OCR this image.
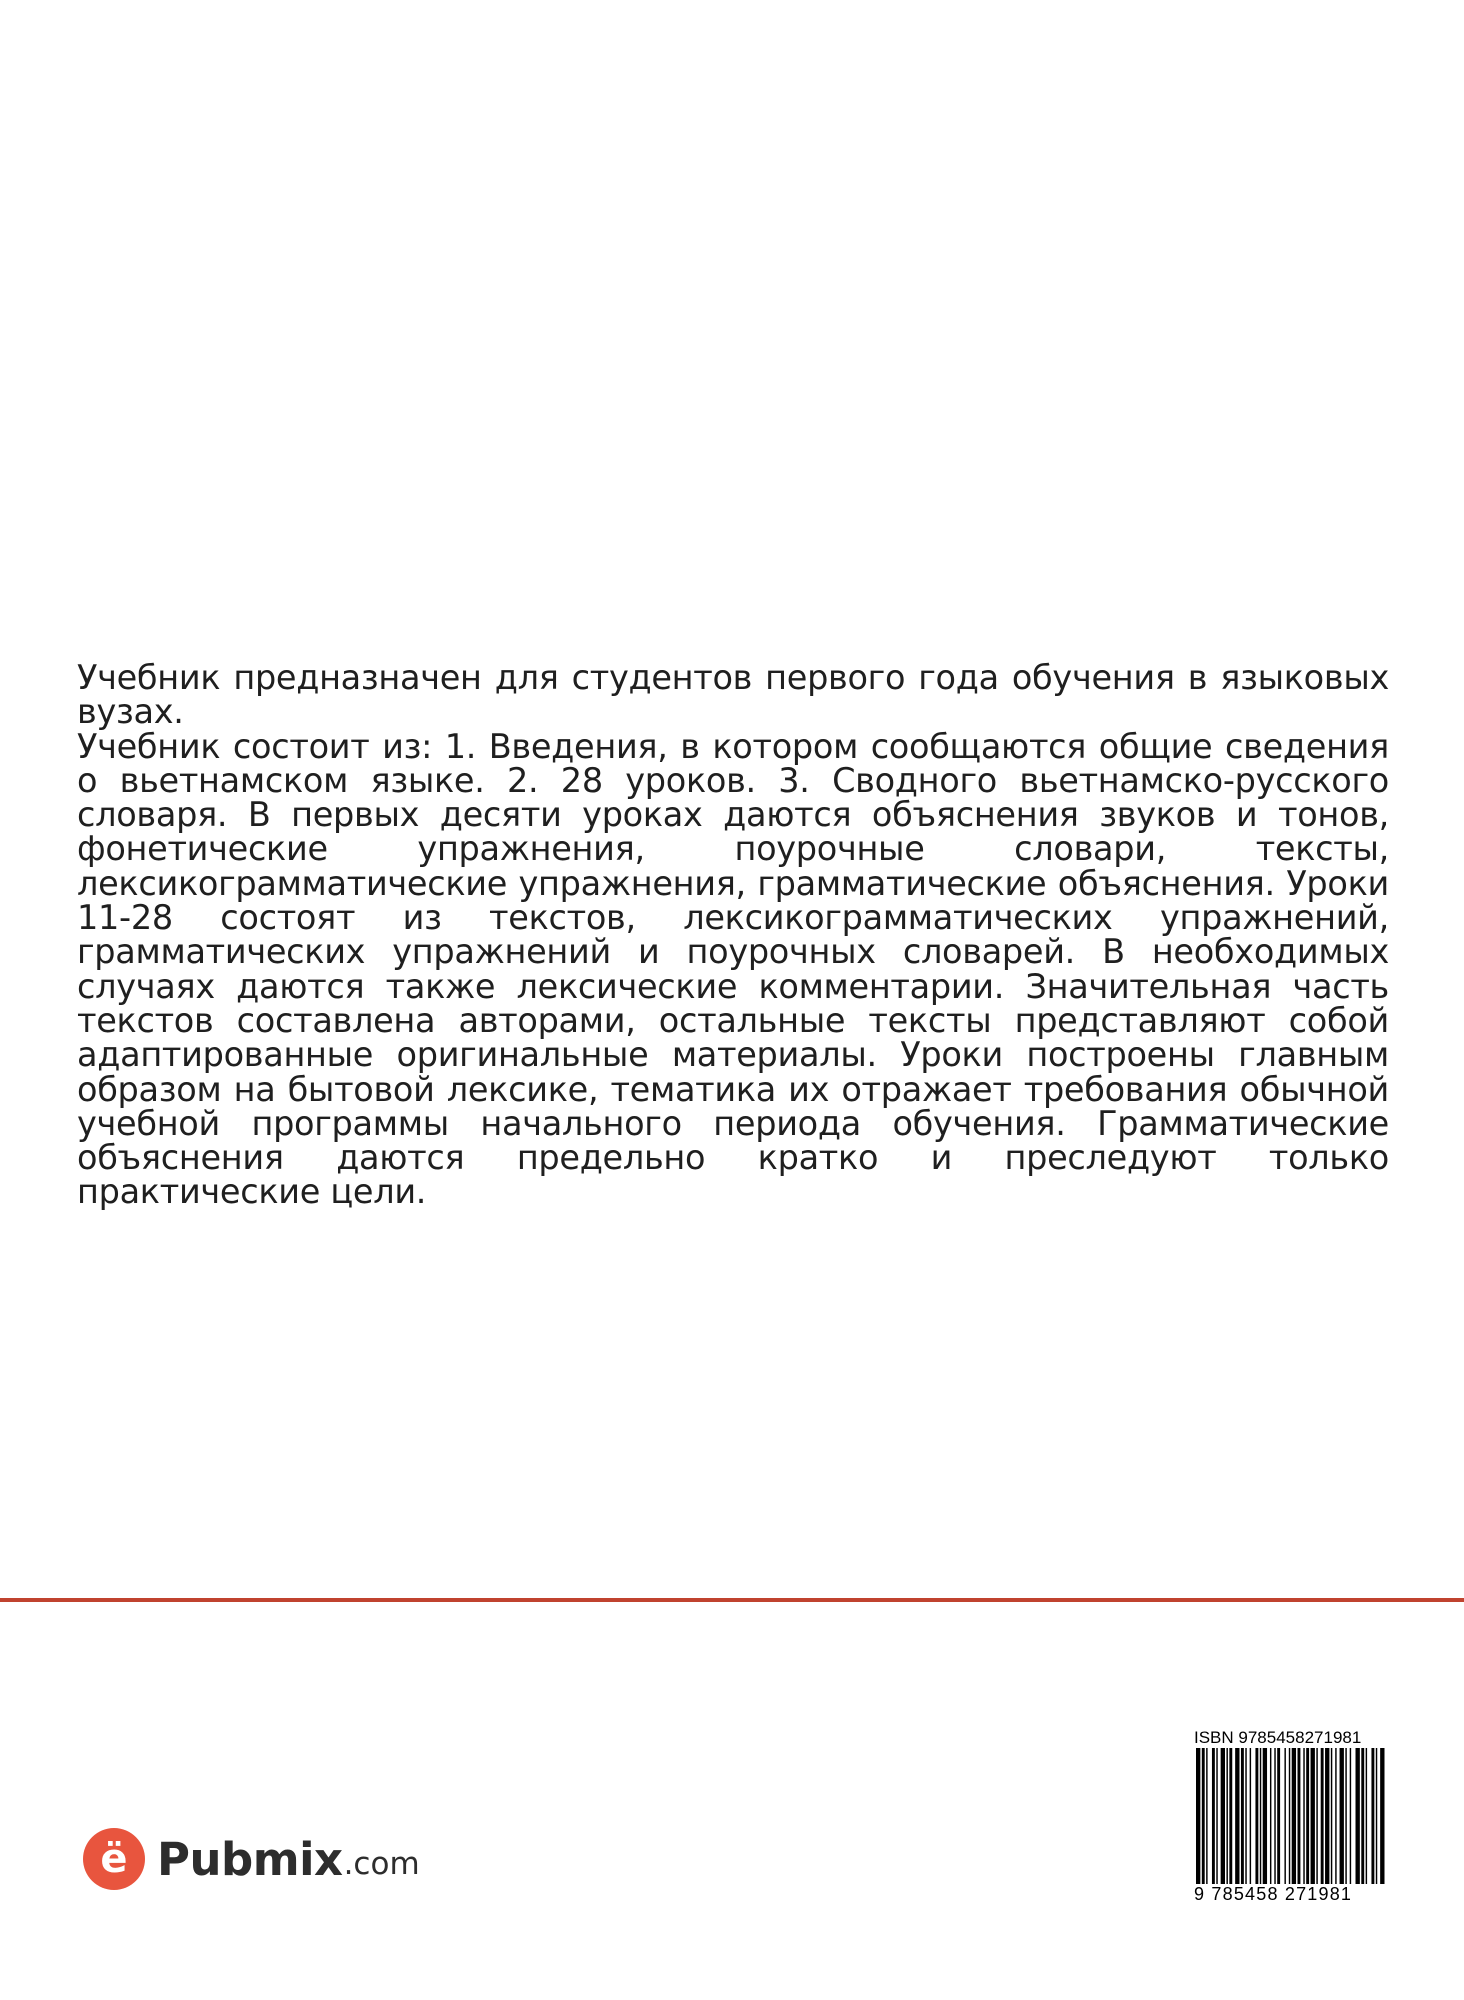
Учебник предназначен для студентов первого года обучения в языковых вузах.

Учебник состоит из: 1. Введения, в котором сообщаются общие сведения о вьетнамском языке. 2. 28 уроков. 3. Сводного вьетнамско-русского словаря. В первых десяти уроках даются объяснения звуков и тонов, фонетические упражнения, поурочные словари, тексты, лексикограмматические упражнения, грамматические объяснения. Уроки 11-28 состоят из текстов, лексикограмматических упражнений, грамматических упражнений и поурочных словарей. В необходимых случаях даются также лексические комментарии. Значительная часть текстов составлена авторами, остальные тексты представляют собой адаптированные оригинальные материалы. Уроки построены главным образом на бытовой лексике, тематика их отражает требования обычной учебной программы начального периода обучения. Грамматические объяснения даются предельно кратко и преследуют только практические цели.

ё Pubmix .com
ISBN 9785458271981
9 785458 271981
